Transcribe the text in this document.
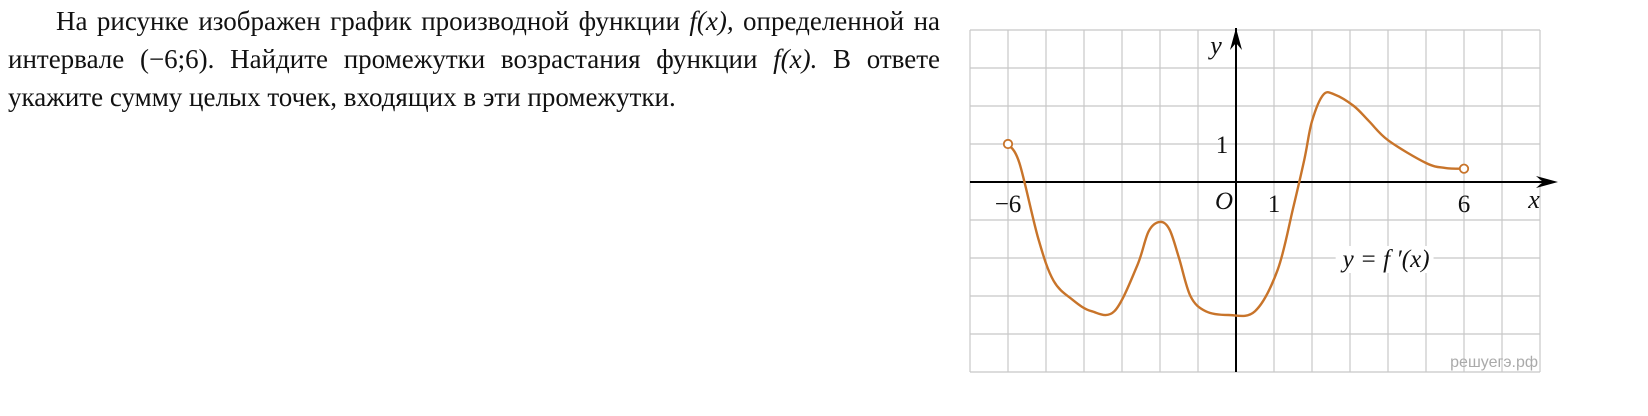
На рисунке изображен график производной функции f(x), определенной на интервале (−6;6). Найдите промежутки возрастания функции f(x). В ответе укажите сумму целых точек, входящих в эти промежутки.

x
y
O
−6	1	6
1
y = f ′(x)
решуегэ.рф
